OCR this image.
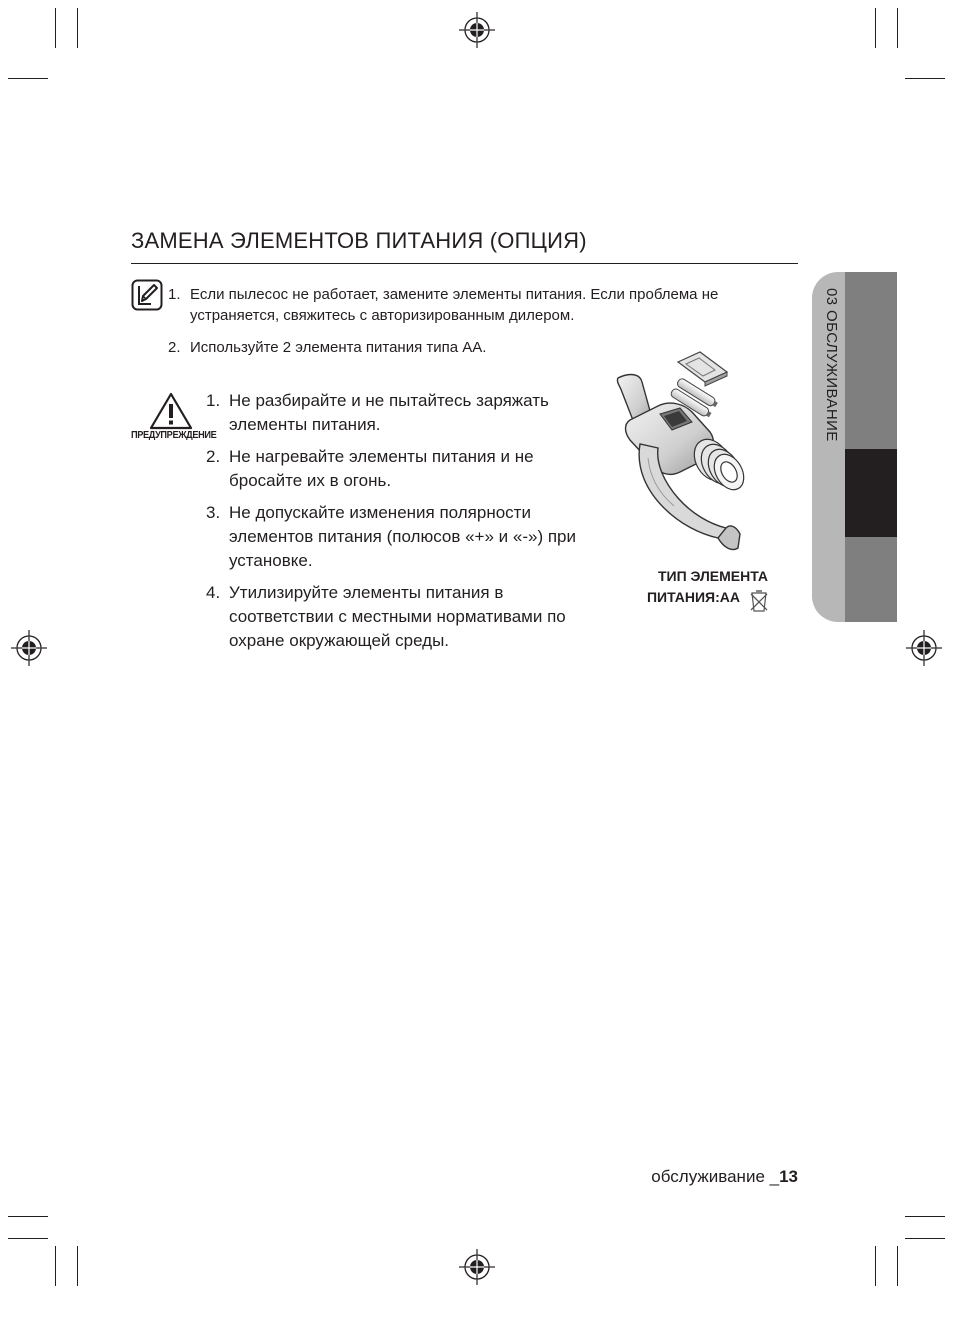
ЗАМЕНА ЭЛЕМЕНТОВ ПИТАНИЯ (ОПЦИЯ)
1. Если пылесос не работает, замените элементы питания. Если проблема не устраняется, свяжитесь с авторизированным дилером.
2. Используйте 2 элемента питания типа АА.
ПРЕДУПРЕЖДЕНИЕ
1. Не разбирайте и не пытайтесь заряжать элементы питания.
2. Не нагревайте элементы питания и не бросайте их в огонь.
3. Не допускайте изменения полярности элементов питания (полюсов «+» и «-») при установке.
4. Утилизируйте элементы питания в соответствии с местными нормативами по охране окружающей среды.
ТИП ЭЛЕМЕНТА
ПИТАНИЯ:АА
03 ОБСЛУЖИВАНИЕ
обслуживание _13
